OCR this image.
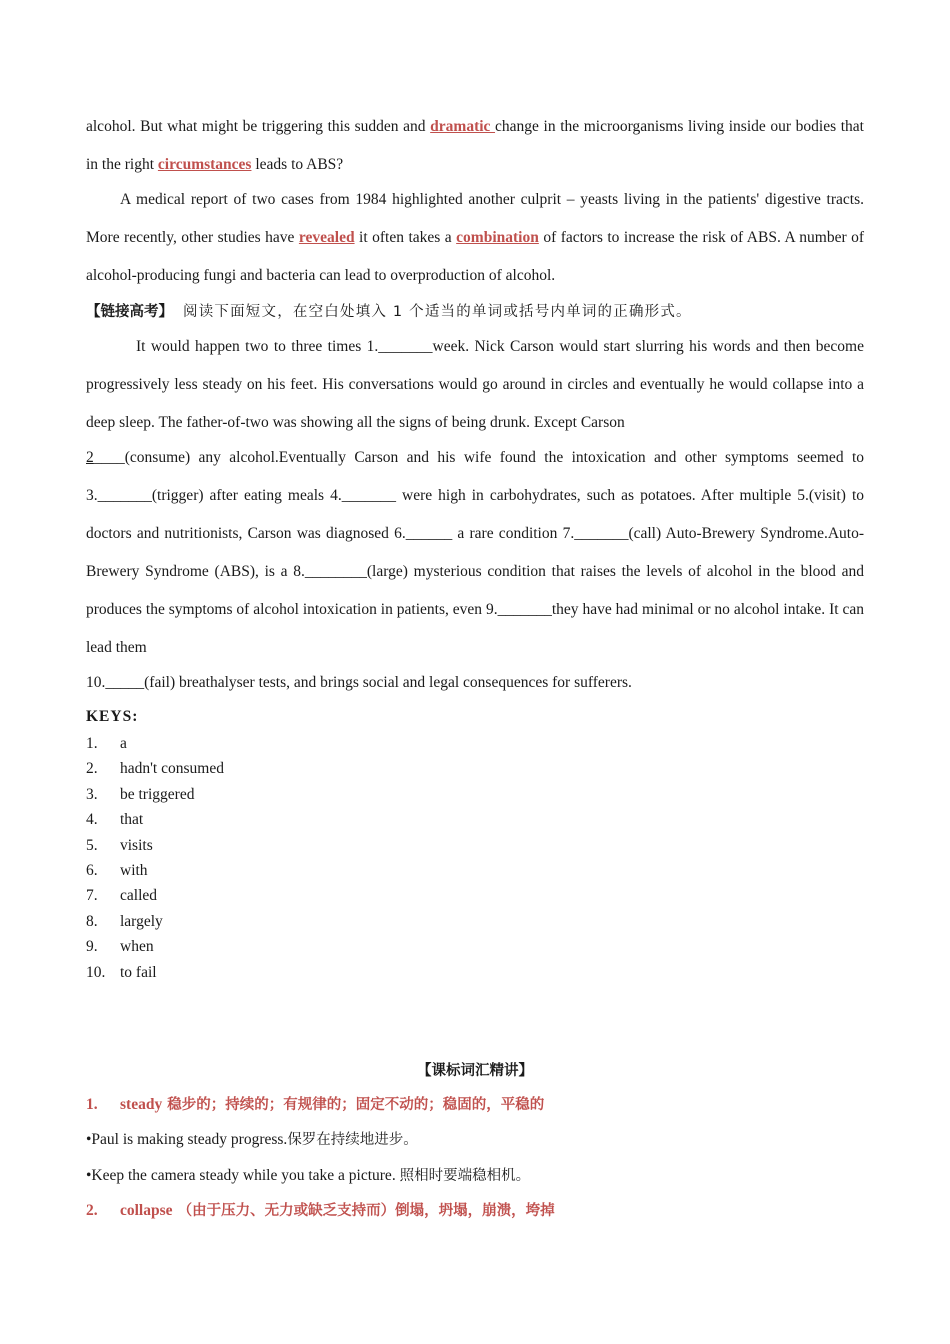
alcohol. But what might be triggering this sudden and dramatic change in the microorganisms living inside our bodies that in the right circumstances leads to ABS?

A medical report of two cases from 1984 highlighted another culprit – yeasts living in the patients' digestive tracts. More recently, other studies have revealed it often takes a combination of factors to increase the risk of ABS. A number of alcohol-producing fungi and bacteria can lead to overproduction of alcohol.

【链接高考】 阅读下面短文，在空白处填入 1 个适当的单词或括号内单词的正确形式。

It would happen two to three times 1._______week. Nick Carson would start slurring his words and then become progressively less steady on his feet. His conversations would go around in circles and eventually he would collapse into a deep sleep. The father-of-two was showing all the signs of being drunk. Except Carson

2____(consume) any alcohol.Eventually Carson and his wife found the intoxication and other symptoms seemed to 3._______(trigger) after eating meals 4._______ were high in carbohydrates, such as potatoes. After multiple 5.(visit) to doctors and nutritionists, Carson was diagnosed 6.______ a rare condition 7._______(call) Auto-Brewery Syndrome.Auto-Brewery Syndrome (ABS), is a 8.________(large) mysterious condition that raises the levels of alcohol in the blood and produces the symptoms of alcohol intoxication in patients, even 9._______they have had minimal or no alcohol intake. It can lead them

10._____(fail) breathalyser tests, and brings social and legal consequences for sufferers.

KEYS:
1. a
2. hadn't consumed
3. be triggered
4. that
5. visits
6. with
7. called
8. largely
9. when
10. to fail
【课标词汇精讲】
1. steady 稳步的；持续的；有规律的；固定不动的；稳固的，平稳的
•Paul is making steady progress.保罗在持续地进步。
•Keep the camera steady while you take a picture. 照相时要端稳相机。
2. collapse （由于压力、无力或缺乏支持而）倒塌，坍塌，崩溃，垮掉
